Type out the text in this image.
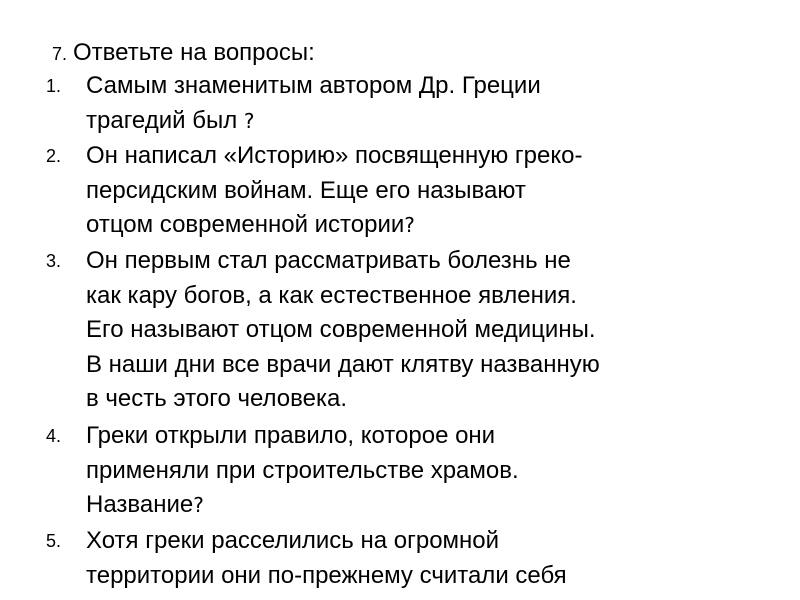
7. Ответьте на вопросы:
1.	Самым знаменитым автором Др. Греции
трагедий был ?
2.	Он написал «Историю» посвященную греко-
персидским войнам. Еще его называют
отцом современной истории?
3.	Он первым стал рассматривать болезнь не
как кару богов, а как естественное явления.
Его называют отцом современной медицины.
В наши дни все врачи дают клятву названную
в честь этого человека.
4.	Греки открыли правило, которое они
применяли при строительстве храмов.
Название?
5.	Хотя греки расселились на огромной
территории они по-прежнему считали себя
